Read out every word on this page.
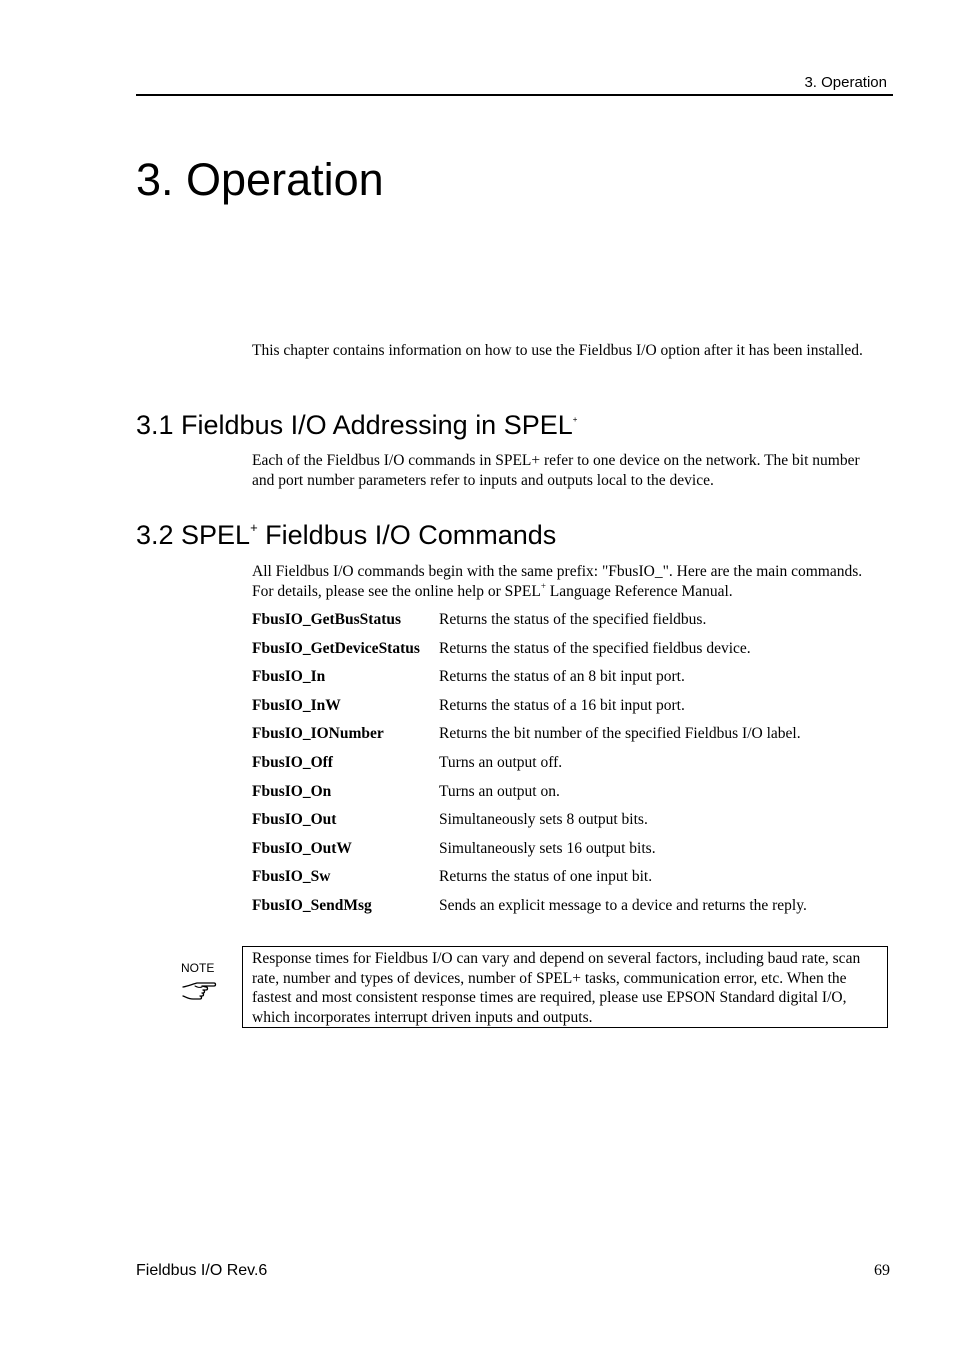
3. Operation
3. Operation

This chapter contains information on how to use the Fieldbus I/O option after it has been installed.

3.1 Fieldbus I/O Addressing in SPEL+

Each of the Fieldbus I/O commands in SPEL+ refer to one device on the network. The bit number and port number parameters refer to inputs and outputs local to the device.

3.2 SPEL+ Fieldbus I/O Commands

All Fieldbus I/O commands begin with the same prefix: "FbusIO_". Here are the main commands. For details, please see the online help or SPEL+ Language Reference Manual.

FbusIO_GetBusStatus Returns the status of the specified fieldbus.
FbusIO_GetDeviceStatus Returns the status of the specified fieldbus device.
FbusIO_In	Returns the status of an 8 bit input port.
FbusIO_InW	Returns the status of a 16 bit input port.
FbusIO_IONumber	Returns the bit number of the specified Fieldbus I/O label.
FbusIO_Off	Turns an output off.
FbusIO_On	Turns an output on.
FbusIO_Out	Simultaneously sets 8 output bits.
FbusIO_OutW	Simultaneously sets 16 output bits.
FbusIO_Sw	Returns the status of one input bit.
FbusIO_SendMsg	Sends an explicit message to a device and returns the reply.
NOTE
Response times for Fieldbus I/O can vary and depend on several factors, including baud rate, scan rate, number and types of devices, number of SPEL+ tasks, communication error, etc. When the fastest and most consistent response times are required, please use EPSON Standard digital I/O, which incorporates interrupt driven inputs and outputs.
Fieldbus I/O Rev.6	69
